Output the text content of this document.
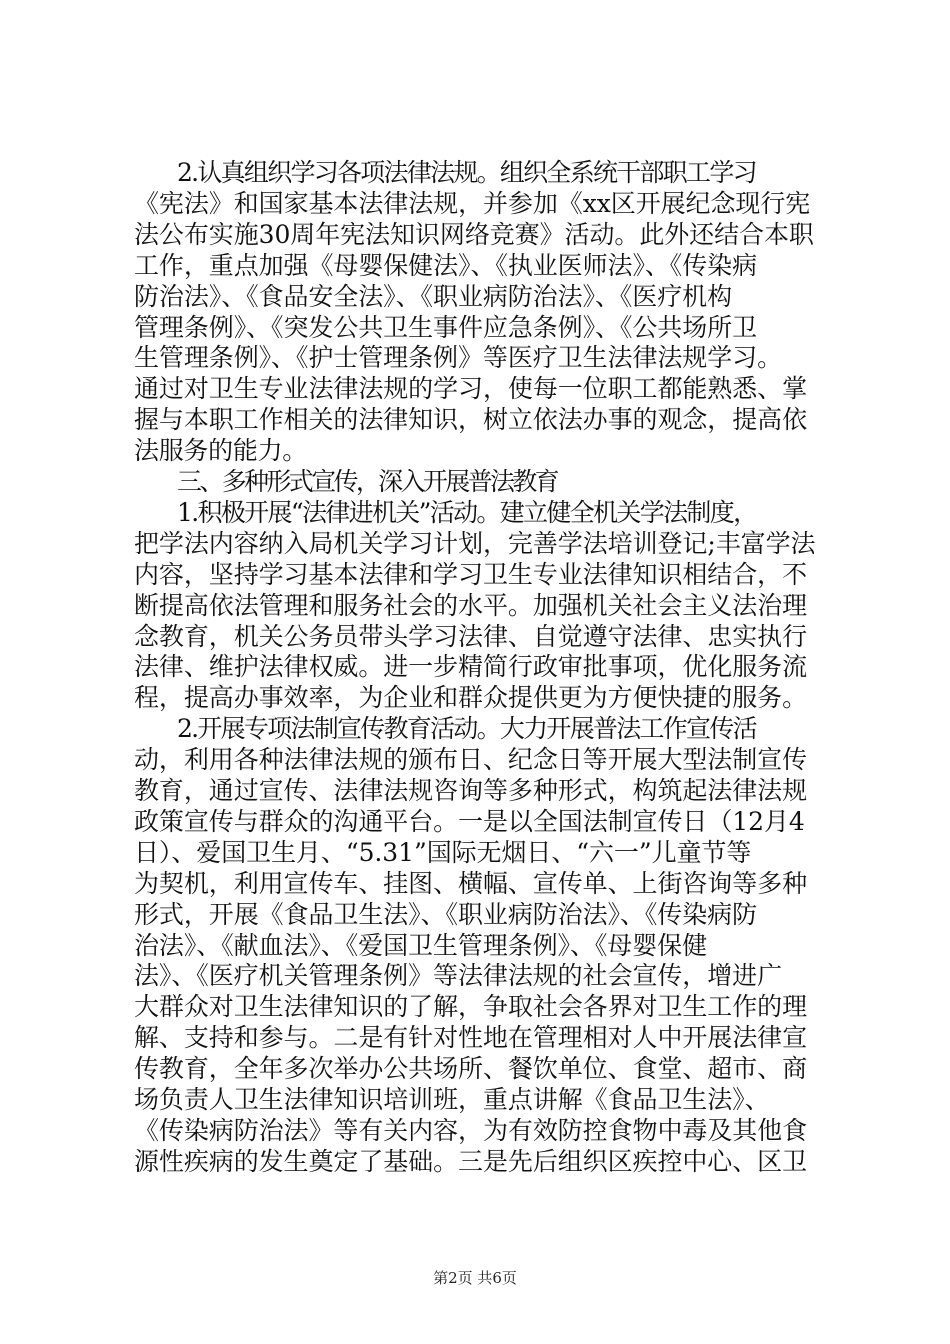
2.认真组织学习各项法律法规。组织全系统干部职工学习
《宪法》和国家基本法律法规，并参加《xx区开展纪念现行宪
法公布实施30周年宪法知识网络竞赛》活动。此外还结合本职
工作，重点加强《母婴保健法》、《执业医师法》、《传染病
防治法》、《食品安全法》、《职业病防治法》、《医疗机构
管理条例》、《突发公共卫生事件应急条例》、《公共场所卫
生管理条例》、《护士管理条例》等医疗卫生法律法规学习。
通过对卫生专业法律法规的学习，使每一位职工都能熟悉、掌
握与本职工作相关的法律知识，树立依法办事的观念，提高依
法服务的能力。
三、多种形式宣传，深入开展普法教育
1.积极开展“法律进机关”活动。建立健全机关学法制度，
把学法内容纳入局机关学习计划，完善学法培训登记;丰富学法
内容，坚持学习基本法律和学习卫生专业法律知识相结合，不
断提高依法管理和服务社会的水平。加强机关社会主义法治理
念教育，机关公务员带头学习法律、自觉遵守法律、忠实执行
法律、维护法律权威。进一步精简行政审批事项，优化服务流
程，提高办事效率，为企业和群众提供更为方便快捷的服务。
2.开展专项法制宣传教育活动。大力开展普法工作宣传活
动，利用各种法律法规的颁布日、纪念日等开展大型法制宣传
教育，通过宣传、法律法规咨询等多种形式，构筑起法律法规
政策宣传与群众的沟通平台。一是以全国法制宣传日（12月4
日）、爱国卫生月、“5.31”国际无烟日、“六一”儿童节等
为契机，利用宣传车、挂图、横幅、宣传单、上街咨询等多种
形式，开展《食品卫生法》、《职业病防治法》、《传染病防
治法》、《献血法》、《爱国卫生管理条例》、《母婴保健
法》、《医疗机关管理条例》等法律法规的社会宣传，增进广
大群众对卫生法律知识的了解，争取社会各界对卫生工作的理
解、支持和参与。二是有针对性地在管理相对人中开展法律宣
传教育，全年多次举办公共场所、餐饮单位、食堂、超市、商
场负责人卫生法律知识培训班，重点讲解《食品卫生法》、
《传染病防治法》等有关内容，为有效防控食物中毒及其他食
源性疾病的发生奠定了基础。三是先后组织区疾控中心、区卫
第2页 共6页
